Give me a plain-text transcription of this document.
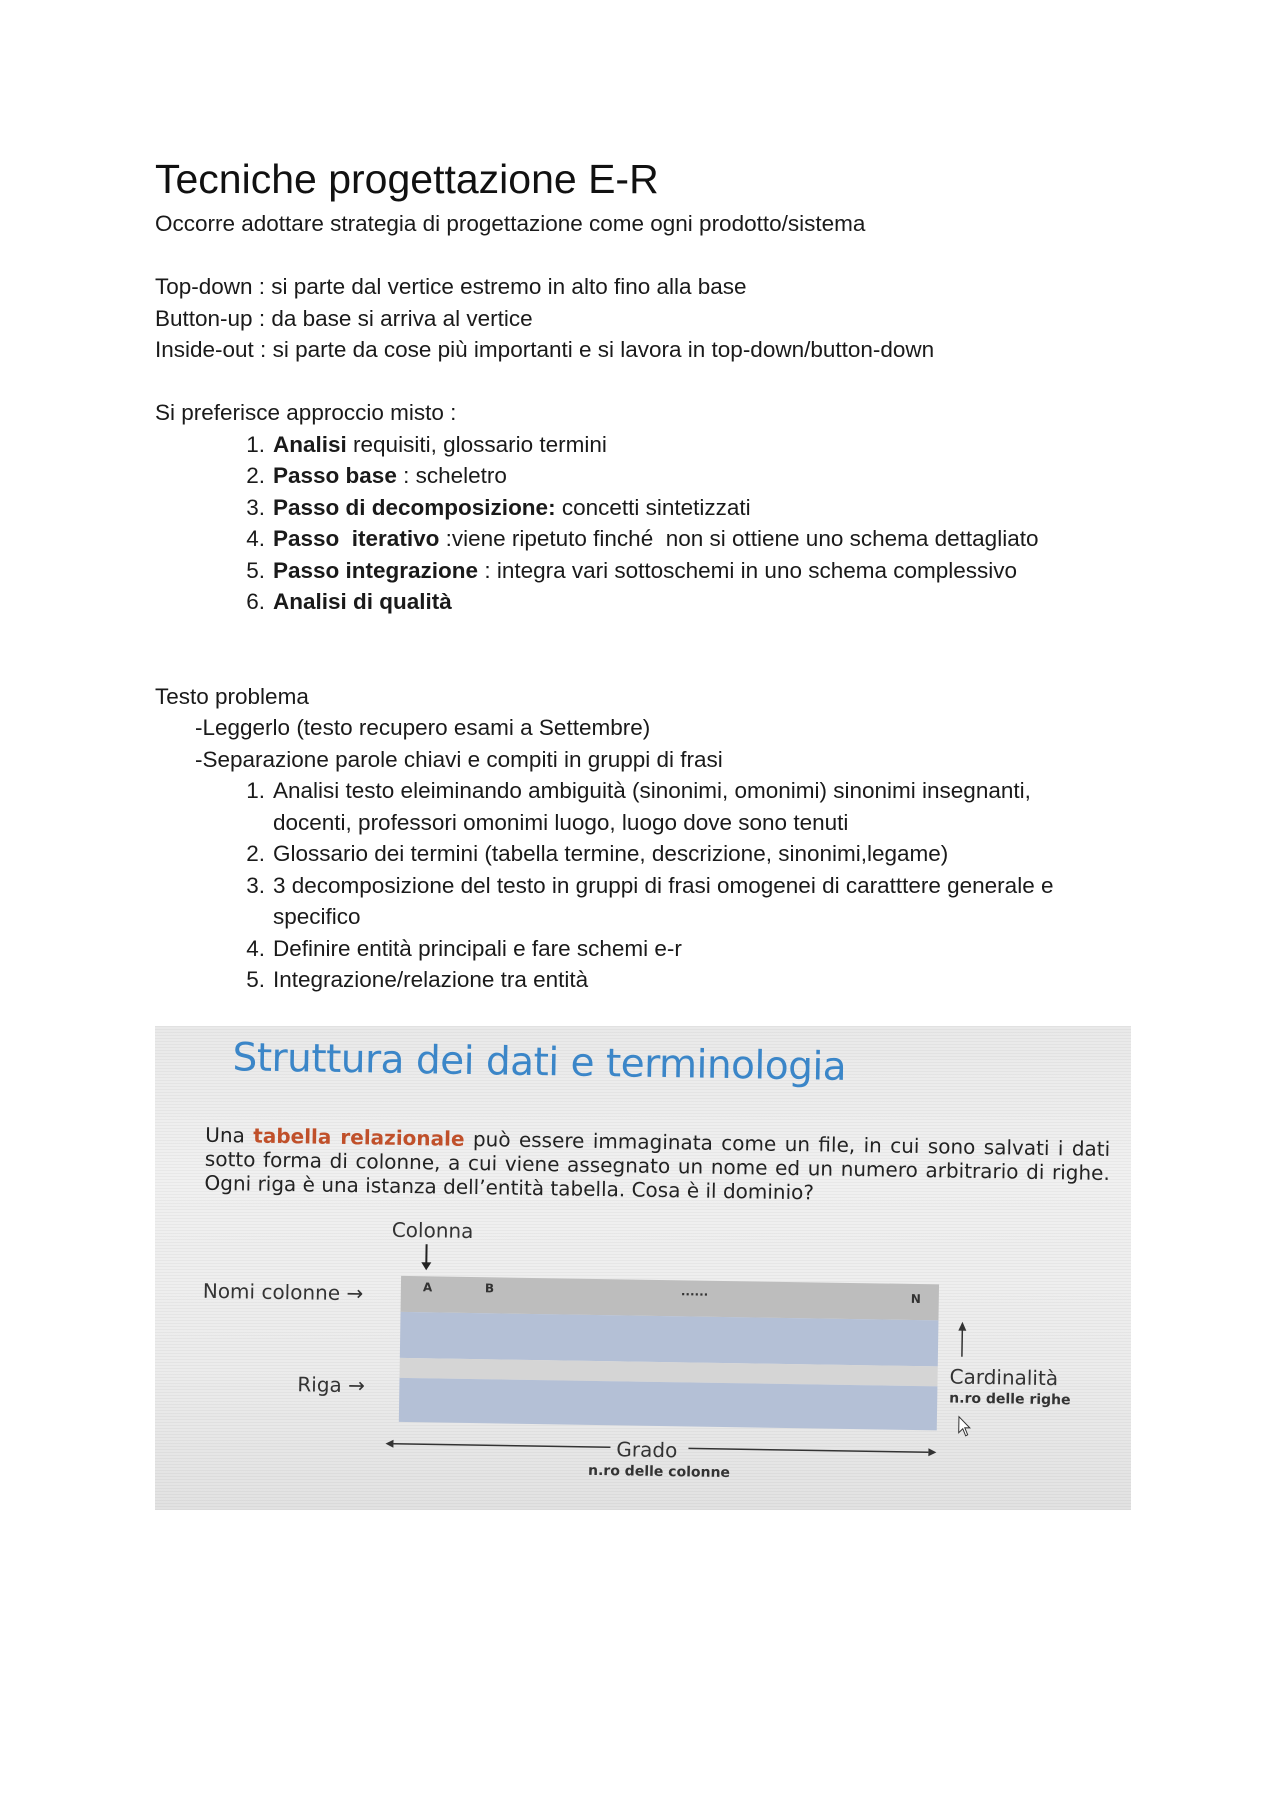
Tecniche progettazione E-R
Occorre adottare strategia di progettazione come ogni prodotto/sistema
Top-down : si parte dal vertice estremo in alto fino alla base
Button-up : da base si arriva al vertice
Inside-out : si parte da cose più importanti e si lavora in top-down/button-down
Si preferisce approccio misto :
1. Analisi requisiti, glossario termini
2. Passo base : scheletro
3. Passo di decomposizione: concetti sintetizzati
4. Passo  iterativo :viene ripetuto finché  non si ottiene uno schema dettagliato
5. Passo integrazione : integra vari sottoschemi in uno schema complessivo
6. Analisi di qualità
Testo problema
-Leggerlo (testo recupero esami a Settembre)
-Separazione parole chiavi e compiti in gruppi di frasi
1. Analisi testo eleiminando ambiguità (sinonimi, omonimi) sinonimi insegnanti,
docenti, professori omonimi luogo, luogo dove sono tenuti
2. Glossario dei termini (tabella termine, descrizione, sinonimi,legame)
3. 3 decomposizione del testo in gruppi di frasi omogenei di caratttere generale e
specifico
4. Definire entità principali e fare schemi e-r
5. Integrazione/relazione tra entità
Struttura dei dati e terminologia
Una tabella relazionale può essere immaginata come un file, in cui sono salvati i dati sotto forma di colonne, a cui viene assegnato un nome ed un numero arbitrario di righe. Ogni riga è una istanza dell’entità tabella. Cosa è il dominio?
Colonna
Nomi colonne →
Riga →
A	B	......
N
Cardinalità
n.ro delle righe
Grado
n.ro delle colonne
